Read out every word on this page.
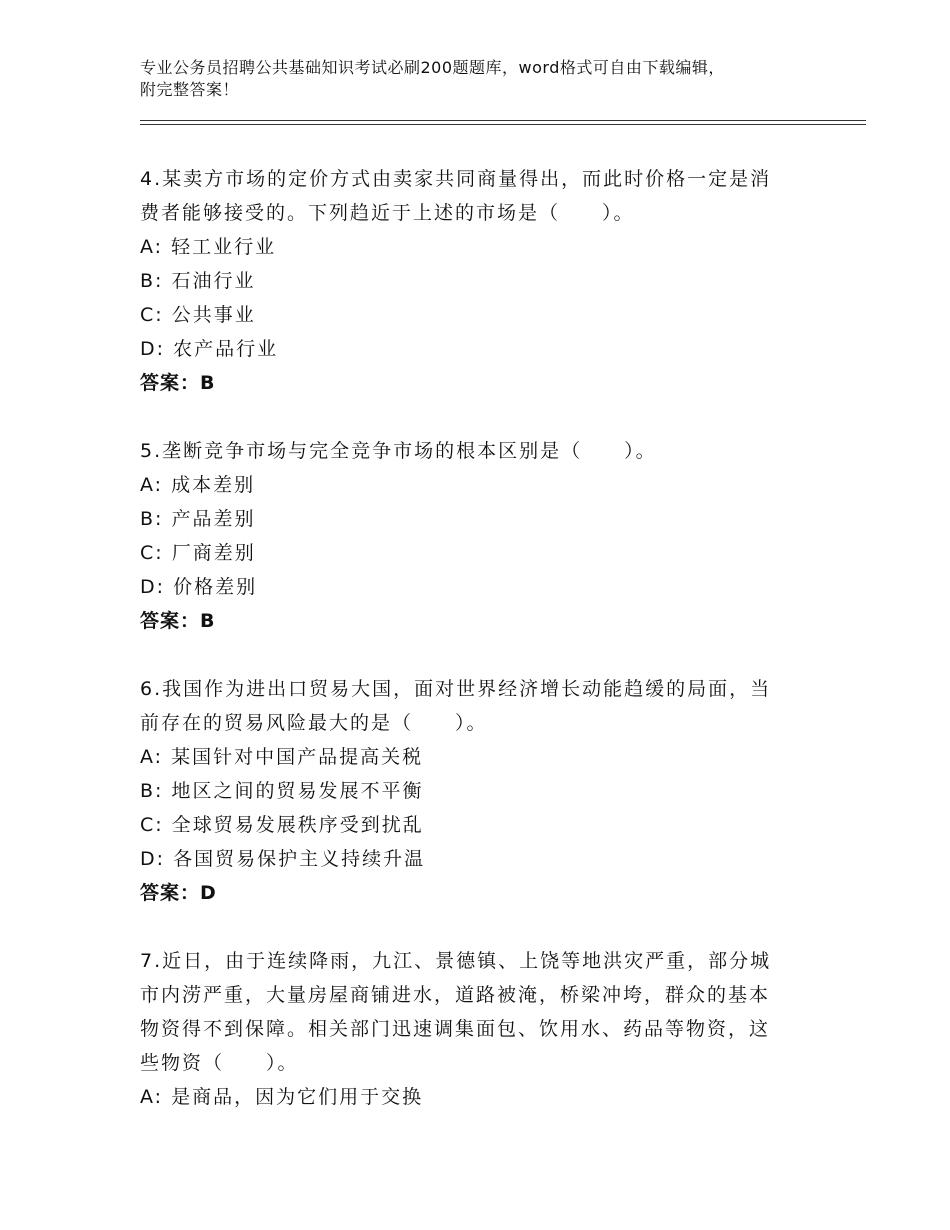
专业公务员招聘公共基础知识考试必刷200题题库，word格式可自由下载编辑，
附完整答案！
4.某卖方市场的定价方式由卖家共同商量得出，而此时价格一定是消
费者能够接受的。下列趋近于上述的市场是（　　）。
A: 轻工业行业
B: 石油行业
C: 公共事业
D: 农产品行业
答案：B
5.垄断竞争市场与完全竞争市场的根本区别是（　　）。
A: 成本差别
B: 产品差别
C: 厂商差别
D: 价格差别
答案：B
6.我国作为进出口贸易大国，面对世界经济增长动能趋缓的局面，当
前存在的贸易风险最大的是（　　）。
A: 某国针对中国产品提高关税
B: 地区之间的贸易发展不平衡
C: 全球贸易发展秩序受到扰乱
D: 各国贸易保护主义持续升温
答案：D
7.近日，由于连续降雨，九江、景德镇、上饶等地洪灾严重，部分城
市内涝严重，大量房屋商铺进水，道路被淹，桥梁冲垮，群众的基本
物资得不到保障。相关部门迅速调集面包、饮用水、药品等物资，这
些物资（　　）。
A: 是商品，因为它们用于交换
